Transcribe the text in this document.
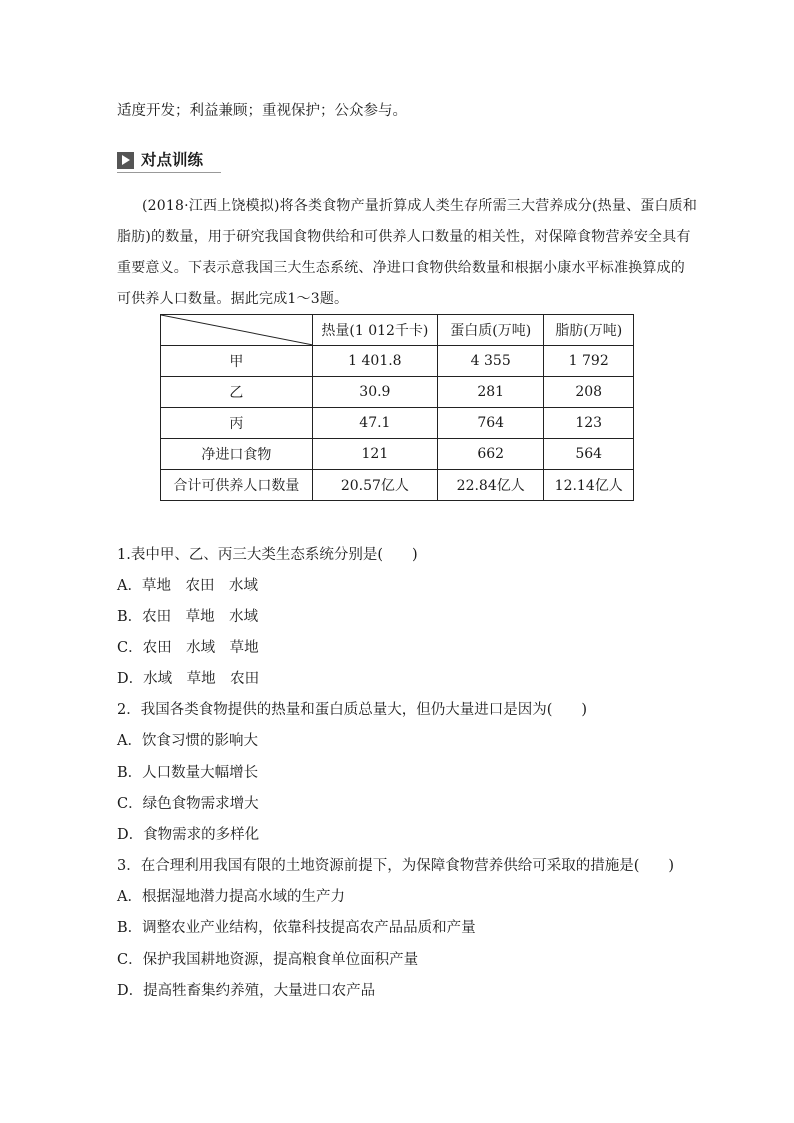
适度开发；利益兼顾；重视保护；公众参与。
对点训练
(2018·江西上饶模拟)将各类食物产量折算成人类生存所需三大营养成分(热量、蛋白质和
脂肪)的数量，用于研究我国食物供给和可供养人口数量的相关性，对保障食物营养安全具有
重要意义。下表示意我国三大生态系统、净进口食物供给数量和根据小康水平标准换算成的
可供养人口数量。据此完成1～3题。
	热量(1 012千卡)	蛋白质(万吨)	脂肪(万吨)
甲	1 401.8	4 355	1 792
乙	30.9	281	208
丙	47.1	764	123
净进口食物	121	662	564
合计可供养人口数量	20.57亿人	22.84亿人	12.14亿人
1.表中甲、乙、丙三大类生态系统分别是(　　)
A．草地　农田　水域
B．农田　草地　水域
C．农田　水域　草地
D．水域　草地　农田
2．我国各类食物提供的热量和蛋白质总量大，但仍大量进口是因为(　　)
A．饮食习惯的影响大
B．人口数量大幅增长
C．绿色食物需求增大
D．食物需求的多样化
3．在合理利用我国有限的土地资源前提下，为保障食物营养供给可采取的措施是(　　)
A．根据湿地潜力提高水域的生产力
B．调整农业产业结构，依靠科技提高农产品品质和产量
C．保护我国耕地资源，提高粮食单位面积产量
D．提高牲畜集约养殖，大量进口农产品
